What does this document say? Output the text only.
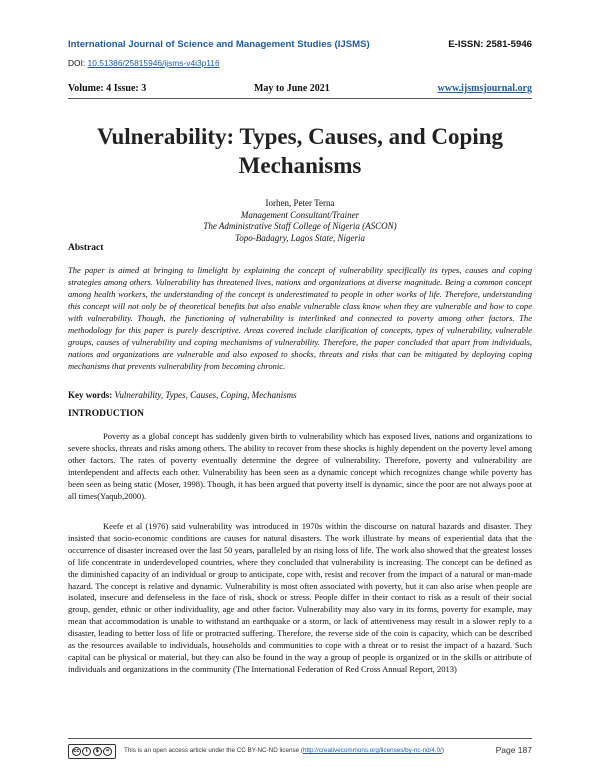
International Journal of Science and Management Studies (IJSMS)	E-ISSN: 2581-5946
DOI: 10.51386/25815946/ijsms-v4i3p116
Volume: 4 Issue: 3	May to June 2021	www.ijsmsjournal.org
Vulnerability: Types, Causes, and Coping Mechanisms
Iorhen, Peter Terna
Management Consultant/Trainer
The Administrative Staff College of Nigeria (ASCON)
Topo-Badagry, Lagos State, Nigeria
Abstract
The paper is aimed at bringing to limelight by explaining the concept of vulnerability specifically its types, causes and coping strategies among others. Vulnerability has threatened lives, nations and organizations at diverse magnitude. Being a common concept among health workers, the understanding of the concept is underestimated to people in other works of life. Therefore, understanding this concept will not only be of theoretical benefits but also enable vulnerable class know when they are vulnerable and how to cope with vulnerability. Though, the functioning of vulnerability is interlinked and connected to poverty among other factors. The methodology for this paper is purely descriptive. Areas covered include clarification of concepts, types of vulnerability, vulnerable groups, causes of vulnerability and coping mechanisms of vulnerability. Therefore, the paper concluded that apart from individuals, nations and organizations are vulnerable and also exposed to shocks, threats and risks that can be mitigated by deploying coping mechanisms that prevents vulnerability from becoming chronic.
Key words: Vulnerability, Types, Causes, Coping, Mechanisms
INTRODUCTION
Poverty as a global concept has suddenly given birth to vulnerability which has exposed lives, nations and organizations to severe shocks, threats and risks among others. The ability to recover from these shocks is highly dependent on the poverty level among other factors. The rates of poverty eventually determine the degree of vulnerability. Therefore, poverty and vulnerability are interdependent and affects each other. Vulnerability has been seen as a dynamic concept which recognizes change while poverty has been seen as being static (Moser, 1998). Though, it has been argued that poverty itself is dynamic, since the poor are not always poor at all times(Yaqub,2000).
Keefe et al (1976) said vulnerability was introduced in 1970s within the discourse on natural hazards and disaster. They insisted that socio-economic conditions are causes for natural disasters. The work illustrate by means of experiential data that the occurrence of disaster increased over the last 50 years, paralleled by an rising loss of life. The work also showed that the greatest losses of life concentrate in underdeveloped countries, where they concluded that vulnerability is increasing. The concept can be defined as the diminished capacity of an individual or group to anticipate, cope with, resist and recover from the impact of a natural or man-made hazard. The concept is relative and dynamic. Vulnerability is most often associated with poverty, but it can also arise when people are isolated, insecure and defenseless in the face of risk, shock or stress. People differ in their contact to risk as a result of their social group, gender, ethnic or other individuality, age and other factor. Vulnerability may also vary in its forms, poverty for example, may mean that accommodation is unable to withstand an earthquake or a storm, or lack of attentiveness may result in a slower reply to a disaster, leading to better loss of life or protracted suffering. Therefore, the reverse side of the coin is capacity, which can be described as the resources available to individuals, households and communities to cope with a threat or to resist the impact of a hazard. Such capital can be physical or material, but they can also be found in the way a group of people is organized or in the skills or attribute of individuals and organizations in the community (The International Federation of Red Cross Annual Report, 2013)
cc	i	$	=	This is an open access article under the CC BY-NC-ND license (http://creativecommons.org/licenses/by-nc-nd/4.0/)	Page 187
